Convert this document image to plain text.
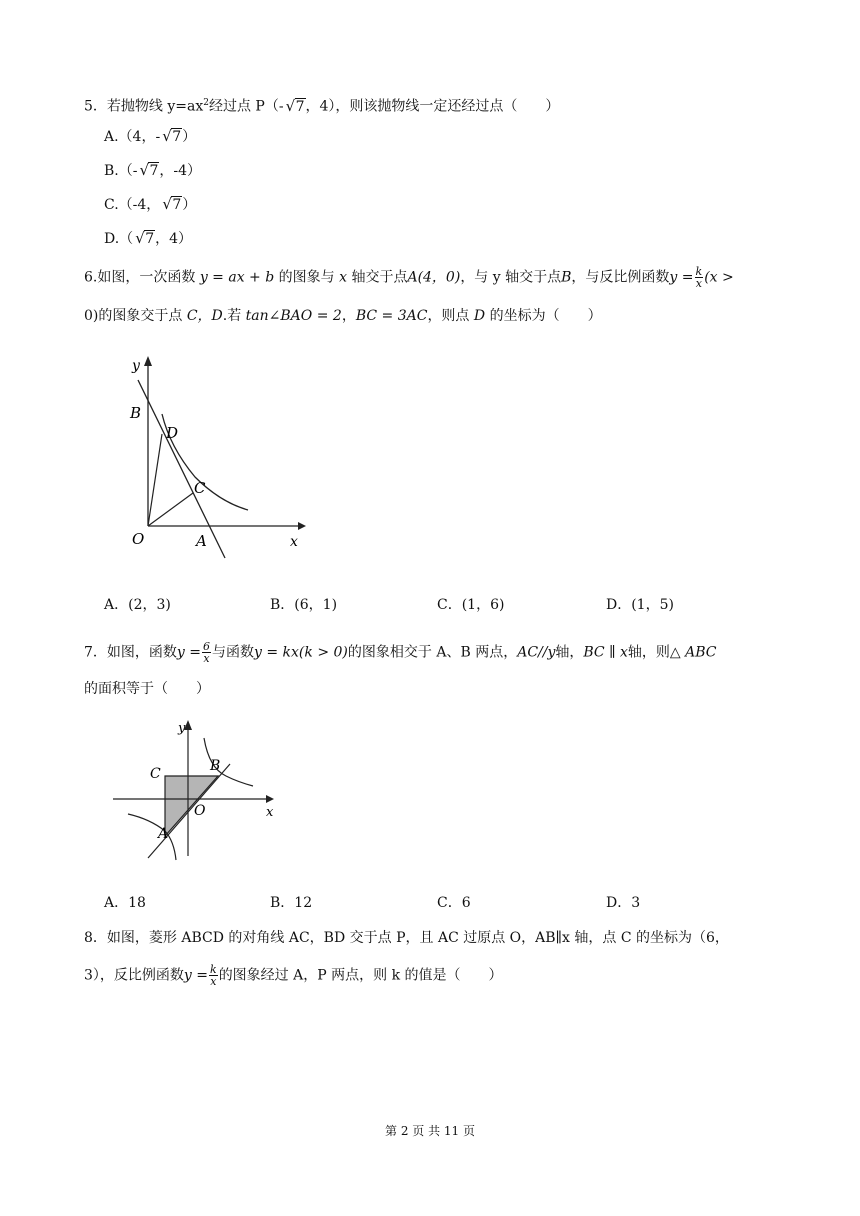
5．若抛物线 $y=ax^2$经过点 P（- √ 7，4），则该抛物线一定还经过点（　　）
A.（4，- √ 7）
B.（- √ 7，-4）
C.（-4， √ 7）
D.（ √ 7，4）
6.如图，一次函数 y = ax + b 的图象与 x 轴交于点A(4，0)，与 y 轴交于点B，与反比例函数$y = \frac{k}{x} (x$ >
0)的图象交于点 C，D.若 tan∠BAO = 2，BC = 3AC，则点 D 的坐标为（　　）
y
B
D
C
O	A	x
A．(2，3)	B．(6，1)	C．(1，6)	D．(1，5)
7．如图，函数$y = \frac{6}{x}$ 与函数y = kx(k > 0)的图象相交于 A、B 两点，AC//y轴，BC ∥ x轴，则△ ABC
的面积等于（　　）
y
C	B
O
A
x
A．18	B．12	C．6	D．3
8．如图，菱形 ABCD 的对角线 AC，BD 交于点 P，且 AC 过原点 O，AB∥x 轴，点 C 的坐标为（6，
3），反比例函数$y = \frac{k}{x}$ 的图象经过 A，P 两点，则 k 的值是（　　）
第 2 页 共 11 页
